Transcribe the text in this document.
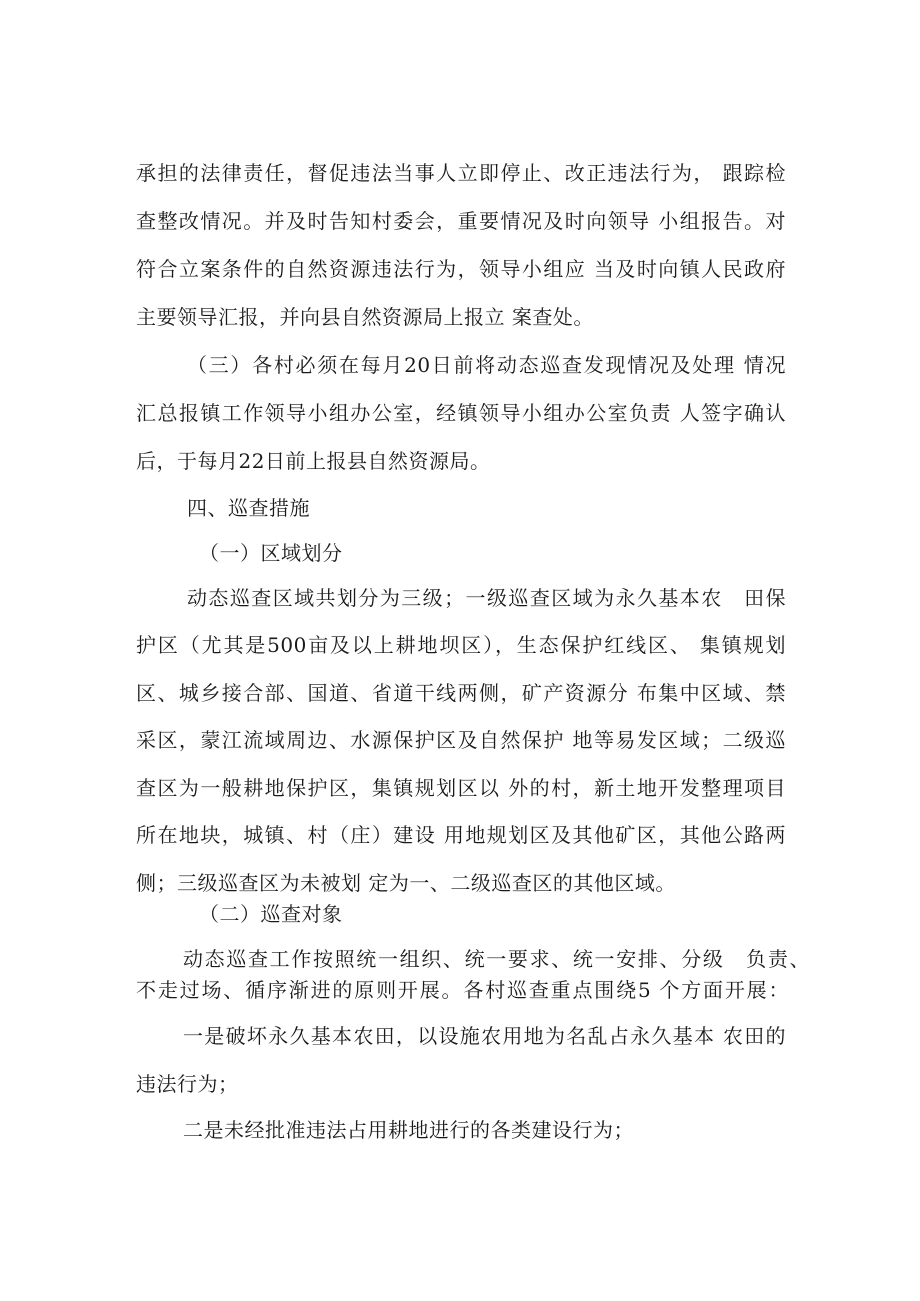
承担的法律责任，督促违法当事人立即停止、改正违法行为， 跟踪检
查整改情况。并及时告知村委会，重要情况及时向领导 小组报告。对
符合立案条件的自然资源违法行为，领导小组应 当及时向镇人民政府
主要领导汇报，并向县自然资源局上报立 案查处。
（三）各村必须在每月20日前将动态巡查发现情况及处理 情况
汇总报镇工作领导小组办公室，经镇领导小组办公室负责 人签字确认
后，于每月22日前上报县自然资源局。
四、巡查措施
（一）区域划分
动态巡查区域共划分为三级；一级巡查区域为永久基本农　田保
护区（尤其是500亩及以上耕地坝区），生态保护红线区、 集镇规划
区、城乡接合部、国道、省道干线两侧，矿产资源分 布集中区域、禁
采区，蒙江流域周边、水源保护区及自然保护 地等易发区域；二级巡
查区为一般耕地保护区，集镇规划区以 外的村，新土地开发整理项目
所在地块，城镇、村（庄）建设 用地规划区及其他矿区，其他公路两
侧；三级巡查区为未被划 定为一、二级巡查区的其他区域。
（二）巡查对象
动态巡查工作按照统一组织、统一要求、统一安排、分级　负责、
不走过场、循序渐进的原则开展。各村巡查重点围绕5 个方面开展：
一是破坏永久基本农田，以设施农用地为名乱占永久基本 农田的
违法行为；
二是未经批准违法占用耕地进行的各类建设行为；
